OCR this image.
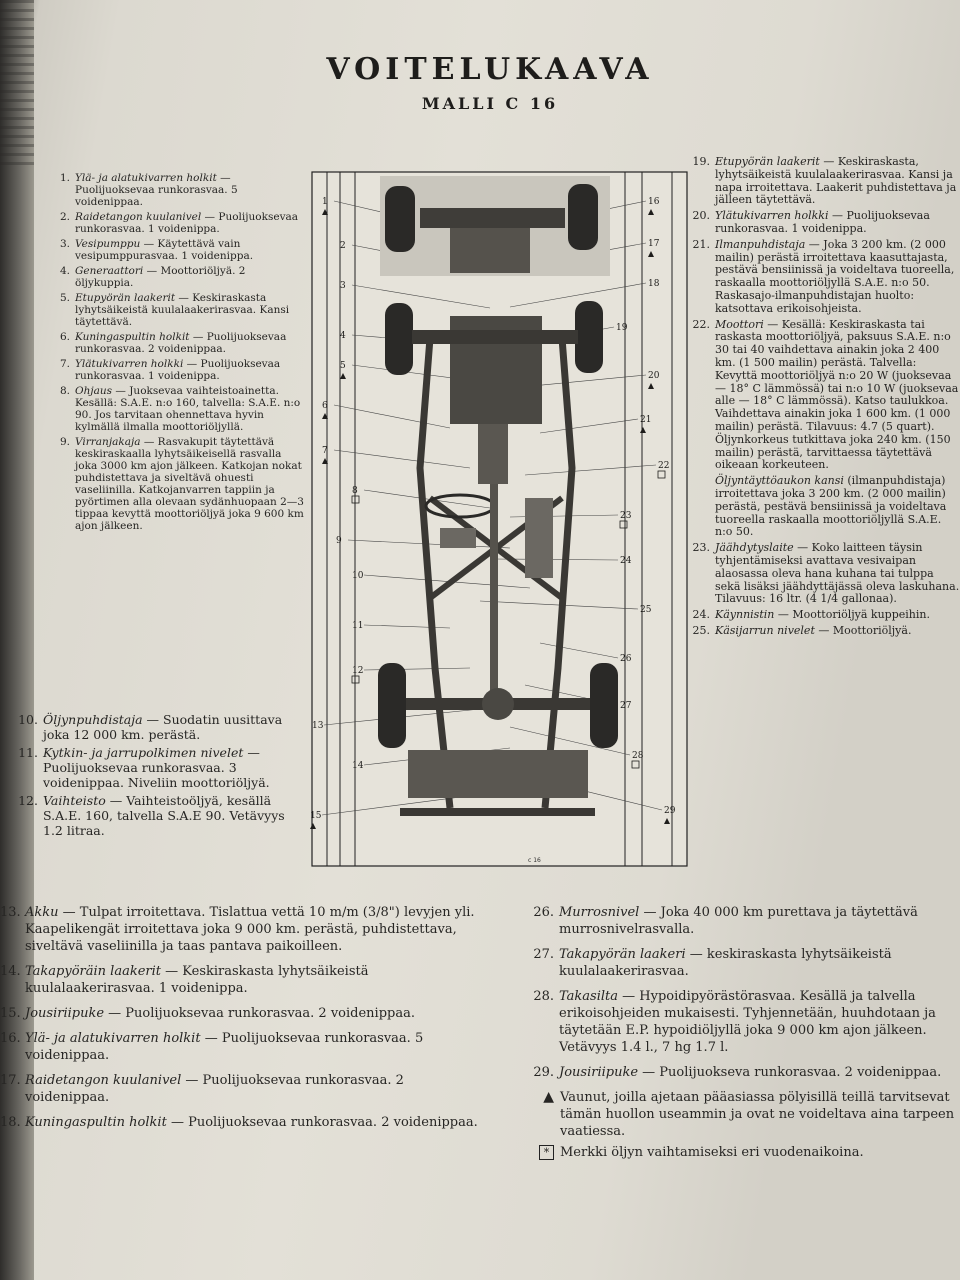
VOITELUKAAVA
MALLI C 16
1. Ylä- ja alatukivarren holkit — Puolijuoksevaa runkorasvaa. 5 voidenippaa.
2. Raidetangon kuulanivel — Puolijuoksevaa runkorasvaa. 1 voidenippa.
3. Vesipumppu — Käytettävä vain vesipumppurasvaa. 1 voidenippa.
4. Generaattori — Moottoriöljyä. 2 öljykuppia.
5. Etupyörän laakerit — Keskiraskasta lyhytsäikeistä kuulalaakerirasvaa. Kansi täytettävä.
6. Kuningaspultin holkit — Puolijuoksevaa runkorasvaa. 2 voidenippaa.
7. Ylätukivarren holkki — Puolijuoksevaa runkorasvaa. 1 voidenippa.
8. Ohjaus — Juoksevaa vaihteistoainetta. Kesällä: S.A.E. n:o 160, talvella: S.A.E. n:o 90. Jos tarvitaan ohennettava hyvin kylmällä ilmalla moottoriöljyllä.
9. Virranjakaja — Rasvakupit täytettävä keskiraskaalla lyhytsäikeisellä rasvalla joka 3000 km ajon jälkeen. Katkojan nokat puhdistettava ja siveltävä ohuesti vaseliinilla. Katkojanvarren tappiin ja pyörtimen alla olevaan sydänhuopaan 2—3 tippaa kevyttä moottoriöljyä joka 9 600 km ajon jälkeen.
10. Öljynpuhdistaja — Suodatin uusittava joka 12 000 km. perästä.
11. Kytkin- ja jarrupolkimen nivelet — Puolijuoksevaa runkorasvaa. 3 voidenippaa. Niveliin moottoriöljyä.
12. Vaihteisto — Vaihteistoöljyä, kesällä S.A.E. 160, talvella S.A.E 90. Vetävyys 1.2 litraa.
19. Etupyörän laakerit — Keskiraskasta, lyhytsäikeistä kuulalaakerirasvaa. Kansi ja napa irroitettava. Laakerit puhdistettava ja jälleen täytettävä.
20. Ylätukivarren holkki — Puolijuoksevaa runkorasvaa. 1 voidenippa.
21. Ilmanpuhdistaja — Joka 3 200 km. (2 000 mailin) perästä irroitettava kaasuttajasta, pestävä bensiinissä ja voideltava tuoreella, raskaalla moottoriöljyllä S.A.E. n:o 50. Raskasajo-ilmanpuhdistajan huolto: katsottava erikoisohjeista.
22. Moottori — Kesällä: Keskiraskasta tai raskasta moottoriöljyä, paksuus S.A.E. n:o 30 tai 40 vaihdettava ainakin joka 2 400 km. (1 500 mailin) perästä. Talvella: Kevyttä moottoriöljyä n:o 20 W (juoksevaa — 18° C lämmössä) tai n:o 10 W (juoksevaa alle — 18° C lämmössä). Katso taulukkoa. Vaihdettava ainakin joka 1 600 km. (1 000 mailin) perästä. Tilavuus: 4.7 (5 quart). Öljynkorkeus tutkittava joka 240 km. (150 mailin) perästä, tarvittaessa täytettävä oikeaan korkeuteen.
Öljyntäyttöaukon kansi (ilmanpuhdistaja) irroitettava joka 3 200 km. (2 000 mailin) perästä, pestävä bensiinissä ja voideltava tuoreella raskaalla moottoriöljyllä S.A.E. n:o 50.
23. Jäähdytyslaite — Koko laitteen täysin tyhjentämiseksi avattava vesivaipan alaosassa oleva hana kuhana tai tulppa sekä lisäksi jäähdyttäjässä oleva laskuhana. Tilavuus: 16 ltr. (4 1/4 gallonaa).
24. Käynnistin — Moottoriöljyä kuppeihin.
25. Käsijarrun nivelet — Moottoriöljyä.
13. Akku — Tulpat irroitettava. Tislattua vettä 10 m/m (3/8") levyjen yli. Kaapelikengät irroitettava joka 9 000 km. perästä, puhdistettava, siveltävä vaseliinilla ja taas pantava paikoilleen.
14. Takapyöräin laakerit — Keskiraskasta lyhytsäikeistä kuulalaakerirasvaa. 1 voidenippa.
15. Jousiriipuke — Puolijuoksevaa runkorasvaa. 2 voidenippaa.
16. Ylä- ja alatukivarren holkit — Puolijuoksevaa runkorasvaa. 5 voidenippaa.
17. Raidetangon kuulanivel — Puolijuoksevaa runkorasvaa. 2 voidenippaa.
18. Kuningaspultin holkit — Puolijuoksevaa runkorasvaa. 2 voidenippaa.
26. Murrosnivel — Joka 40 000 km purettava ja täytettävä murrosnivelrasvalla.
27. Takapyörän laakeri — keskiraskasta lyhytsäikeistä kuulalaakerirasvaa.
28. Takasilta — Hypoidipyörästörasvaa. Kesällä ja talvella erikoisohjeiden mukaisesti. Tyhjennetään, huuhdotaan ja täytetään E.P. hypoidiöljyllä joka 9 000 km ajon jälkeen. Vetävyys 1.4 l., 7 hg 1.7 l.
29. Jousiriipuke — Puolijuokseva runkorasvaa. 2 voidenippaa.
▲ Vaunut, joilla ajetaan pääasiassa pölyisillä teillä tarvitsevat tämän huollon useammin ja ovat ne voideltava aina tarpeen vaatiessa.
* Merkki öljyn vaihtamiseksi eri vuodenaikoina.
1
2
3
4
5
6
7
8
9
10
11
12
13
14
15
16
17
18
19
20
21
22
23
24
25
26
27
28
29
c 16
